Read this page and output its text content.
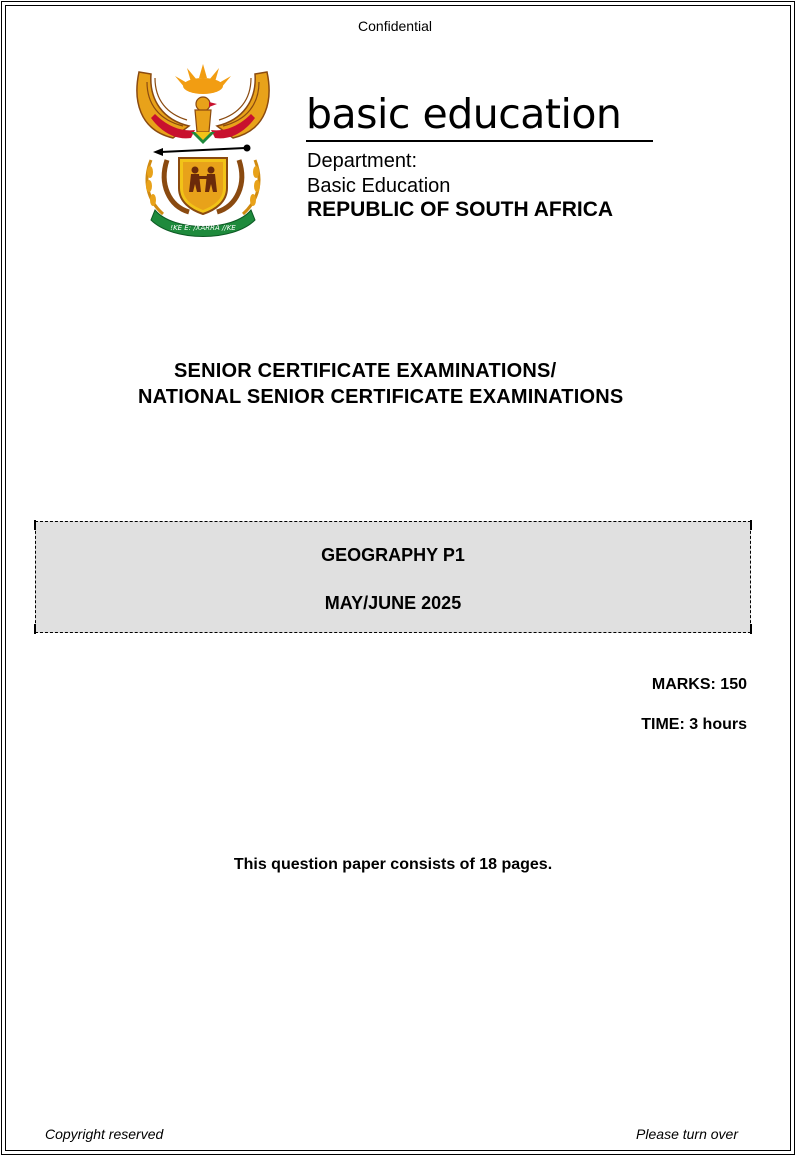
Confidential
!KE E: /XARRA //KE
basic education
Department:
Basic Education
REPUBLIC OF SOUTH AFRICA
SENIOR CERTIFICATE EXAMINATIONS/
NATIONAL SENIOR CERTIFICATE EXAMINATIONS
GEOGRAPHY P1
MAY/JUNE 2025
MARKS: 150
TIME: 3 hours
This question paper consists of 18 pages.
Copyright reserved	Please turn over
